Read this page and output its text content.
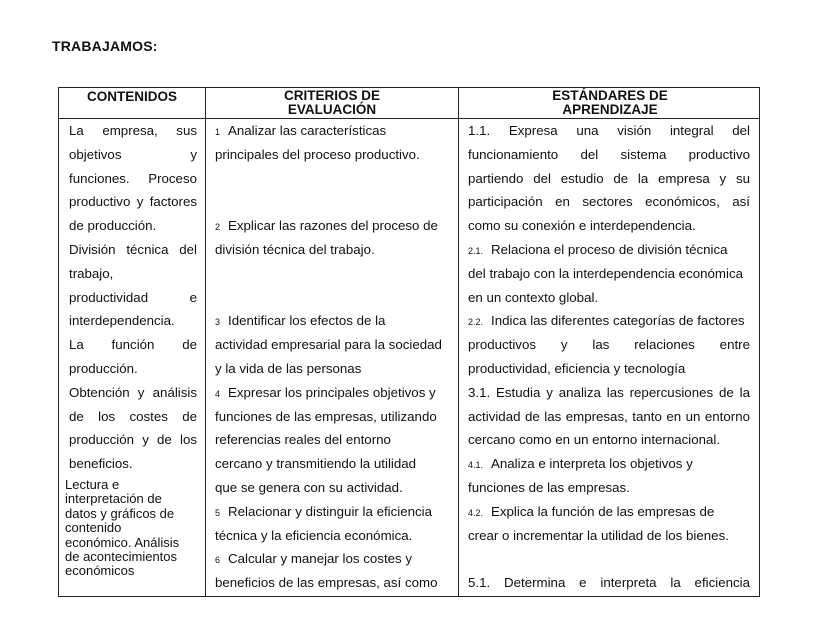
TRABAJAMOS:
CONTENIDOS	CRITERIOS DE
EVALUACIÓN
ESTÁNDARES DE
APRENDIZAJE
La empresa, sus
objetivos y
funciones. Proceso
productivo y factores
de producción.
División técnica del
trabajo,
productividad e
interdependencia.
La función de
producción.
Obtención y análisis
de los costes de
producción y de los
beneficios.
Lectura e
interpretación de
datos y gráficos de
contenido
económico. Análisis
de acontecimientos
económicos
1 Analizar las características
principales del proceso productivo.
2 Explicar las razones del proceso de
división técnica del trabajo.
3 Identificar los efectos de la
actividad empresarial para la sociedad
y la vida de las personas
4 Expresar los principales objetivos y
funciones de las empresas, utilizando
referencias reales del entorno
cercano y transmitiendo la utilidad
que se genera con su actividad.
5 Relacionar y distinguir la eficiencia
técnica y la eficiencia económica.
6 Calcular y manejar los costes y
beneficios de las empresas, así como
1.1. Expresa una visión integral del
funcionamiento del sistema productivo
partiendo del estudio de la empresa y su
participación en sectores económicos, así
como su conexión e interdependencia.
2.1. Relaciona el proceso de división técnica
del trabajo con la interdependencia económica
en un contexto global.
2.2. Indica las diferentes categorías de factores
productivos y las relaciones entre
productividad, eficiencia y tecnología
3.1. Estudia y analiza las repercusiones de la
actividad de las empresas, tanto en un entorno
cercano como en un entorno internacional.
4.1. Analiza e interpreta los objetivos y
funciones de las empresas.
4.2. Explica la función de las empresas de
crear o incrementar la utilidad de los bienes.
5.1. Determina e interpreta la eficiencia
